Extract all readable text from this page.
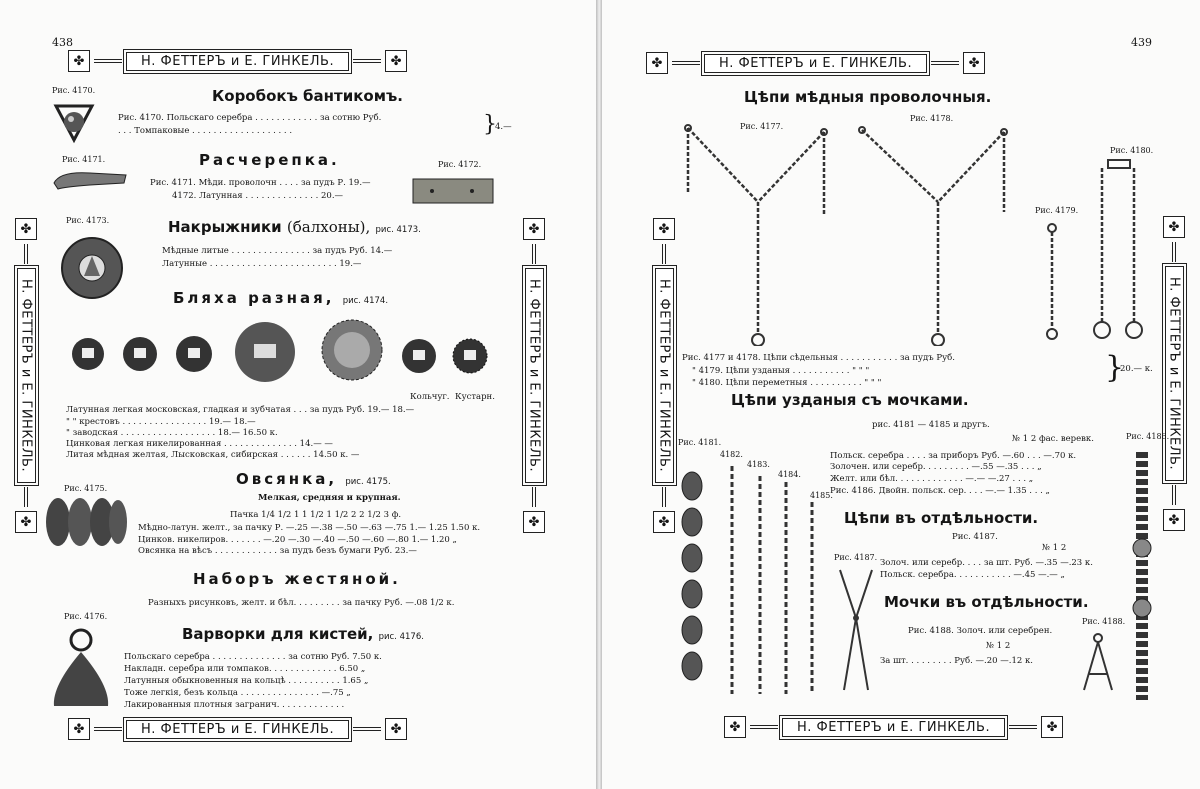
438
✤	Н. ФЕТТЕРЪ и Е. ГИНКЕЛЬ.	✤
✤
Н. ФЕТТЕРЪ и Е. ГИНКЕЛЬ.
✤
✤
Н. ФЕТТЕРЪ и Е. ГИНКЕЛЬ.
✤
Рис. 4170.	Коробокъ бантикомъ.
Рис. 4170. Польскаго серебра . . . . . . . . . . . . за сотню Руб.
. . . Томпаковые . . . . . . . . . . . . . . . . . . .	}
4.—
Рис. 4171.	Расчерепка.	Рис. 4172.
Рис. 4171. Мѣди. проволочн . . . . за пудъ Р. 19.—
4172. Латунная . . . . . . . . . . . . . . 20.—
Рис. 4173.	Накрыжники (балхоны), рис. 4173.
Мѣдные литые . . . . . . . . . . . . . . . за пудъ Руб. 14.—
Латунные . . . . . . . . . . . . . . . . . . . . . . . . 19.—
Бляха разная, рис. 4174.
Кольчуг. Кустарн.
Латунная легкая московская, гладкая и зубчатая . . . за пудъ Руб. 19.— 18.—
" " крестовъ . . . . . . . . . . . . . . . . 19.— 18.—
" заводская . . . . . . . . . . . . . . . . . . 18.— 16.50 к.
Цинковая легкая никелированная . . . . . . . . . . . . . . 14.— —
Литая мѣдная желтая, Лысковская, сибирская . . . . . . 14.50 к. —
Рис. 4175.
Овсянка, рис. 4175.
Мелкая, средняя и крупная.
Пачка 1/4 1/2 1 1 1/2 1 1/2 2 2 1/2 3 ф.
Мѣдно-латун. желт., за пачку Р. —.25 —.38 —.50 —.63 —.75 1.— 1.25 1.50 к.
Цинков. никелиров. . . . . . . —.20 —.30 —.40 —.50 —.60 —.80 1.— 1.20 „
Овсянка на вѣсъ . . . . . . . . . . . . за пудъ безъ бумаги Руб. 23.—
Наборъ жестяной.
Разныхъ рисунковъ, желт. и бѣл. . . . . . . . . за пачку Руб. —.08 1/2 к.
Рис. 4176.
Варворки для кистей, рис. 4176.
Польскаго серебра . . . . . . . . . . . . . . за сотню Руб. 7.50 к.
Накладн. серебра или томпаков. . . . . . . . . . . . . 6.50 „
Латунныя обыкновенныя на кольцѣ . . . . . . . . . . 1.65 „
Тоже легкія, безъ кольца . . . . . . . . . . . . . . . —.75 „
Лакированныя плотныя загранич. . . . . . . . . . . . .
✤	Н. ФЕТТЕРЪ и Е. ГИНКЕЛЬ.	✤
439
✤	Н. ФЕТТЕРЪ и Е. ГИНКЕЛЬ.	✤
✤
Н. ФЕТТЕРЪ и Е. ГИНКЕЛЬ.
✤
✤
Н. ФЕТТЕРЪ и Е. ГИНКЕЛЬ.
✤
Цѣпи мѣдныя проволочныя.
Рис. 4177.
Рис. 4178.
Рис. 4179.
Рис. 4180.
Рис. 4177 и 4178. Цѣпи сѣдельныя . . . . . . . . . . . за пудъ Руб.
" 4179. Цѣпи узданыя . . . . . . . . . . . " " "
" 4180. Цѣпи переметныя . . . . . . . . . . " " "	}
20.— к.
Цѣпи узданыя съ мочками.
рис. 4181 — 4185 и другъ.
Рис. 4181.
4182.
4183.
4184.
4185.
Рис. 4186.
№ 1 2 фас. веревк.
Польск. серебра . . . . за приборъ Руб. —.60 . . . —.70 к.
Золочен. или серебр. . . . . . . . . —.55 —.35 . . . „
Желт. или бѣл. . . . . . . . . . . . . —.— —.27 . . . „
Рис. 4186. Двойн. польск. сер. . . . —.— 1.35 . . . „
Цѣпи въ отдѣльности.
Рис. 4187.
Рис. 4187.
№ 1 2
Золоч. или серебр. . . . за шт. Руб. —.35 —.23 к.
Польск. серебра. . . . . . . . . . . —.45 —.— „
Мочки въ отдѣльности.
Рис. 4188.
Рис. 4188. Золоч. или серебрен.
№ 1 2
За шт. . . . . . . . . Руб. —.20 —.12 к.
✤	Н. ФЕТТЕРЪ и Е. ГИНКЕЛЬ.	✤
